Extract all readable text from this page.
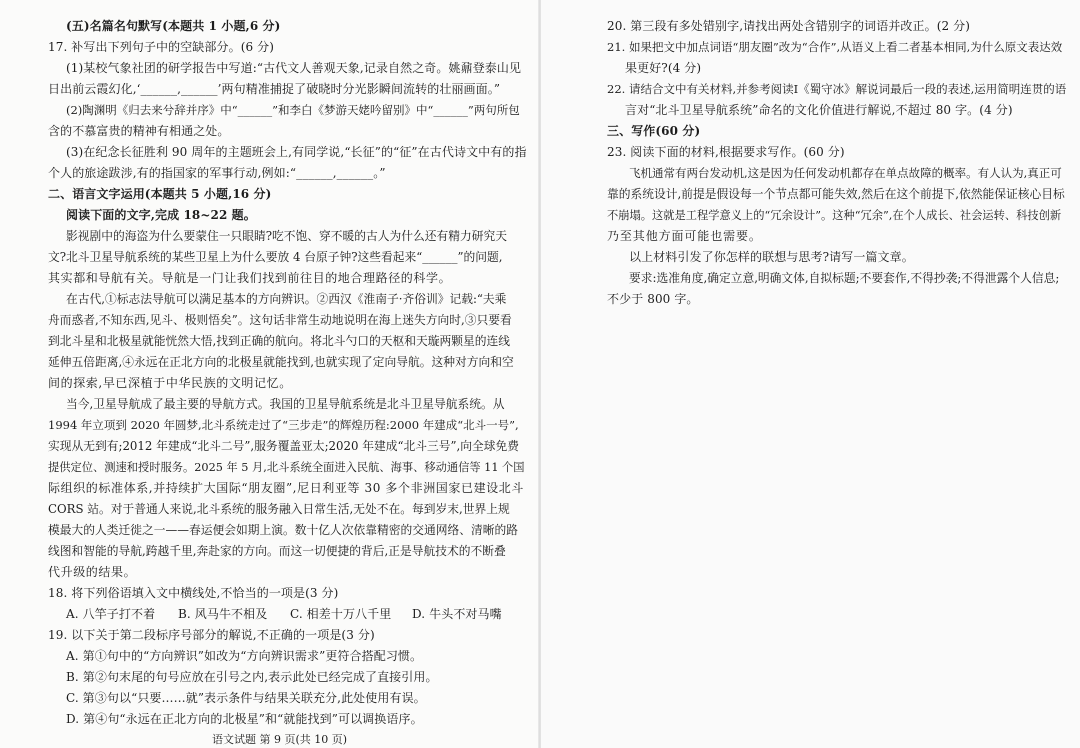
(五)名篇名句默写(本题共 1 小题,6 分)
17. 补写出下列句子中的空缺部分。(6 分)
(1)某校气象社团的研学报告中写道:“古代文人善观天象,记录自然之奇。姚鼐登泰山见
日出前云霞幻化,‘______,______’两句精准捕捉了破晓时分光影瞬间流转的壮丽画面。”
(2)陶渊明《归去来兮辞并序》中“______”和李白《梦游天姥吟留别》中“______”两句所包
含的不慕富贵的精神有相通之处。
(3)在纪念长征胜利 90 周年的主题班会上,有同学说,“长征”的“征”在古代诗文中有的指
个人的旅途跋涉,有的指国家的军事行动,例如:“______,______。”
二、语言文字运用(本题共 5 小题,16 分)
阅读下面的文字,完成 18~22 题。
影视剧中的海盗为什么要蒙住一只眼睛?吃不饱、穿不暖的古人为什么还有精力研究天
文?北斗卫星导航系统的某些卫星上为什么要放 4 台原子钟?这些看起来“______”的问题,
其实都和导航有关。导航是一门让我们找到前往目的地合理路径的科学。
在古代,①标志法导航可以满足基本的方向辨识。②西汉《淮南子·齐俗训》记载:“夫乘
舟而惑者,不知东西,见斗、极则悟矣”。这句话非常生动地说明在海上迷失方向时,③只要看
到北斗星和北极星就能恍然大悟,找到正确的航向。将北斗勺口的天枢和天璇两颗星的连线
延伸五倍距离,④永远在正北方向的北极星就能找到,也就实现了定向导航。这种对方向和空
间的探索,早已深植于中华民族的文明记忆。
当今,卫星导航成了最主要的导航方式。我国的卫星导航系统是北斗卫星导航系统。从
1994 年立项到 2020 年圆梦,北斗系统走过了“三步走”的辉煌历程:2000 年建成“北斗一号”,
实现从无到有;2012 年建成“北斗二号”,服务覆盖亚太;2020 年建成“北斗三号”,向全球免费
提供定位、测速和授时服务。2025 年 5 月,北斗系统全面进入民航、海事、移动通信等 11 个国
际组织的标准体系,并持续扩大国际“朋友圈”,尼日利亚等 30 多个非洲国家已建设北斗
CORS 站。对于普通人来说,北斗系统的服务融入日常生活,无处不在。每到岁末,世界上规
模最大的人类迁徙之一——春运便会如期上演。数十亿人次依靠精密的交通网络、清晰的路
线图和智能的导航,跨越千里,奔赴家的方向。而这一切便捷的背后,正是导航技术的不断叠
代升级的结果。
18. 将下列俗语填入文中横线处,不恰当的一项是(3 分)
A. 八竿子打不着 B. 风马牛不相及 C. 相差十万八千里 D. 牛头不对马嘴
19. 以下关于第二段标序号部分的解说,不正确的一项是(3 分)
A. 第①句中的“方向辨识”如改为“方向辨识需求”更符合搭配习惯。
B. 第②句末尾的句号应放在引号之内,表示此处已经完成了直接引用。
C. 第③句以“只要……就”表示条件与结果关联充分,此处使用有误。
D. 第④句“永远在正北方向的北极星”和“就能找到”可以调换语序。
语文试题 第 9 页(共 10 页)
20. 第三段有多处错别字,请找出两处含错别字的词语并改正。(2 分)
21. 如果把文中加点词语“朋友圈”改为“合作”,从语义上看二者基本相同,为什么原文表达效
果更好?(4 分)
22. 请结合文中有关材料,并参考阅读Ⅰ《蜀守冰》解说词最后一段的表述,运用简明连贯的语
言对“北斗卫星导航系统”命名的文化价值进行解说,不超过 80 字。(4 分)
三、写作(60 分)
23. 阅读下面的材料,根据要求写作。(60 分)
飞机通常有两台发动机,这是因为任何发动机都存在单点故障的概率。有人认为,真正可
靠的系统设计,前提是假设每一个节点都可能失效,然后在这个前提下,依然能保证核心目标
不崩塌。这就是工程学意义上的“冗余设计”。这种“冗余”,在个人成长、社会运转、科技创新
乃至其他方面可能也需要。
以上材料引发了你怎样的联想与思考?请写一篇文章。
要求:选准角度,确定立意,明确文体,自拟标题;不要套作,不得抄袭;不得泄露个人信息;
不少于 800 字。
